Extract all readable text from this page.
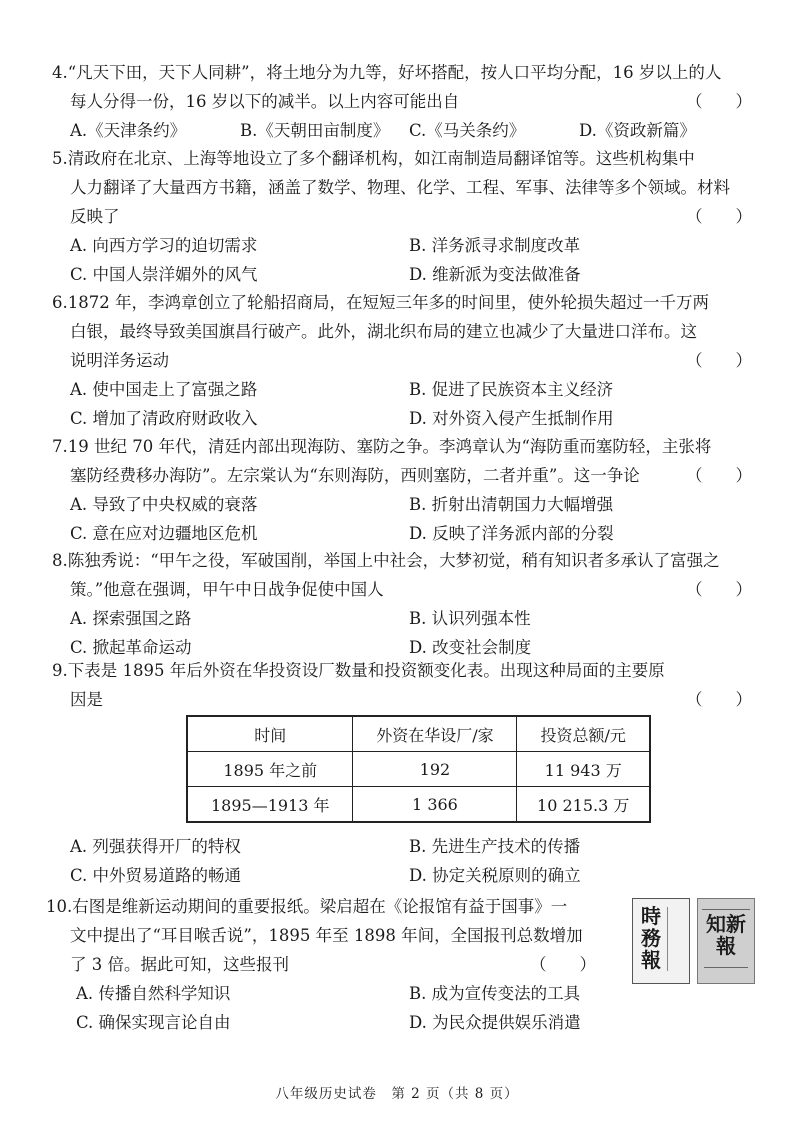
4.“凡天下田，天下人同耕”，将土地分为九等，好坏搭配，按人口平均分配，16 岁以上的人
每人分得一份，16 岁以下的减半。以上内容可能出自	（　　）
A.《天津条约》	B.《天朝田亩制度》 C.《马关条约》	D.《资政新篇》
5.清政府在北京、上海等地设立了多个翻译机构，如江南制造局翻译馆等。这些机构集中
人力翻译了大量西方书籍，涵盖了数学、物理、化学、工程、军事、法律等多个领域。材料
反映了	（　　）
A. 向西方学习的迫切需求	B. 洋务派寻求制度改革
C. 中国人崇洋媚外的风气	D. 维新派为变法做准备
6.1872 年，李鸿章创立了轮船招商局，在短短三年多的时间里，使外轮损失超过一千万两
白银，最终导致美国旗昌行破产。此外，湖北织布局的建立也减少了大量进口洋布。这
说明洋务运动	（　　）
A. 使中国走上了富强之路	B. 促进了民族资本主义经济
C. 增加了清政府财政收入	D. 对外资入侵产生抵制作用
7.19 世纪 70 年代，清廷内部出现海防、塞防之争。李鸿章认为“海防重而塞防轻，主张将
塞防经费移办海防”。左宗棠认为“东则海防，西则塞防，二者并重”。这一争论	（　　）
A. 导致了中央权威的衰落	B. 折射出清朝国力大幅增强
C. 意在应对边疆地区危机	D. 反映了洋务派内部的分裂
8.陈独秀说：“甲午之役，军破国削，举国上中社会，大梦初觉，稍有知识者多承认了富强之
策。”他意在强调，甲午中日战争促使中国人	（　　）
A. 探索强国之路	B. 认识列强本性
C. 掀起革命运动	D. 改变社会制度
9.下表是 1895 年后外资在华投资设厂数量和投资额变化表。出现这种局面的主要原
因是	（　　）
时间	外资在华设厂/家	投资总额/元
1895 年之前	192	11 943 万
1895—1913 年	1 366	10 215.3 万
A. 列强获得开厂的特权	B. 先进生产技术的传播
C. 中外贸易道路的畅通	D. 协定关税原则的确立
10.右图是维新运动期间的重要报纸。梁启超在《论报馆有益于国事》一
文中提出了“耳目喉舌说”，1895 年至 1898 年间，全国报刊总数增加
了 3 倍。据此可知，这些报刊	（　　）
A. 传播自然科学知识	B. 成为宣传变法的工具
C. 确保实现言论自由	D. 为民众提供娱乐消遣
時務報

知新報

八年级历史试卷　第 2 页（共 8 页）
